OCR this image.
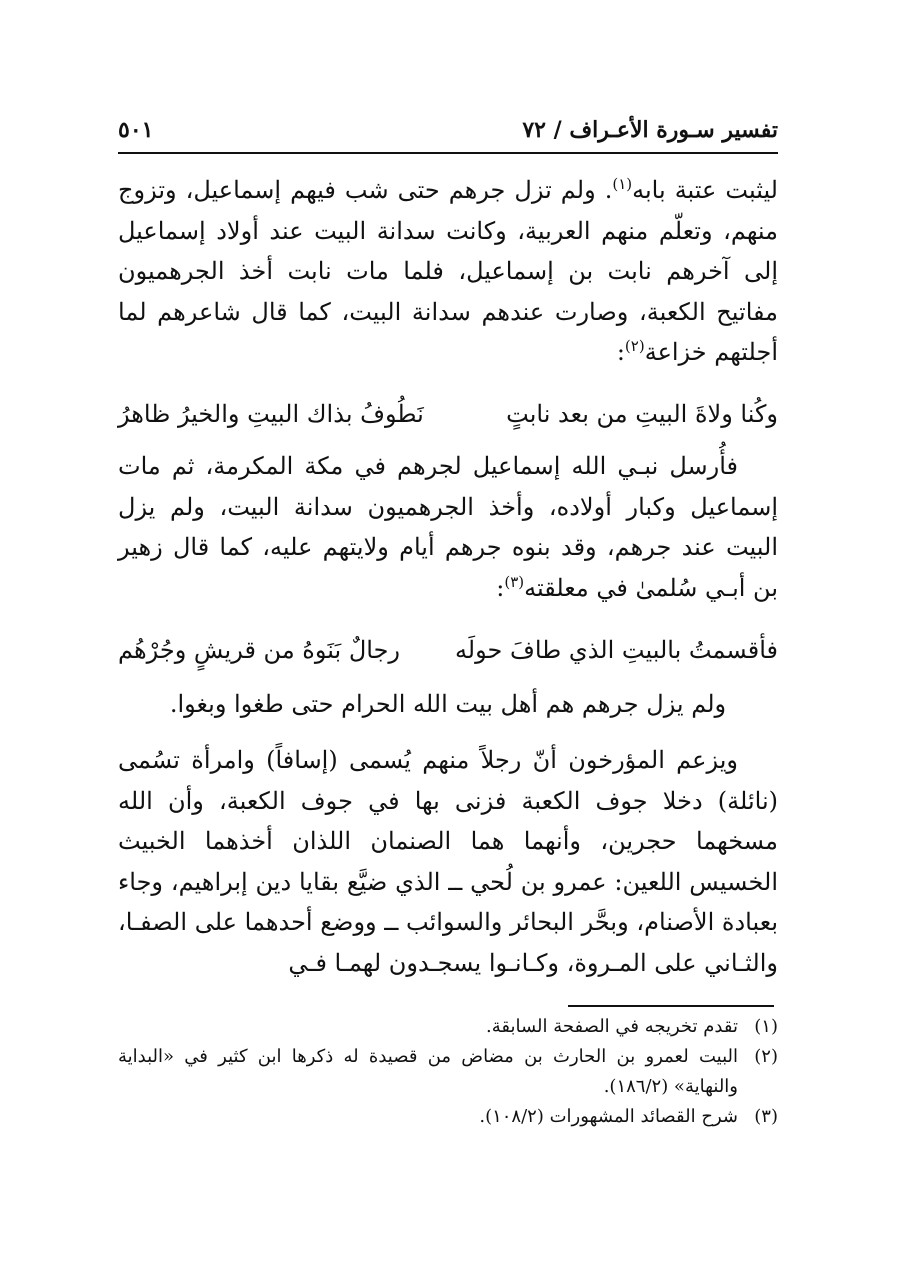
تفسير سـورة الأعـراف / ٧٢
٥٠١
ليثبت عتبة بابه$^{(١)}$. ولم تزل جرهم حتى شب فيهم إسماعيل، وتزوج منهم، وتعلّم منهم العربية، وكانت سدانة البيت عند أولاد إسماعيل إلى آخرهم نابت بن إسماعيل، فلما مات نابت أخذ الجرهميون مفاتيح الكعبة، وصارت عندهم سدانة البيت، كما قال شاعرهم لما أجلتهم خزاعة$^{(٢)}$:
وكُنا ولاةَ البيتِ من بعد نابتٍ
نَطُوفُ بذاك البيتِ والخيرُ ظاهرُ
فأُرسل نبـي الله إسماعيل لجرهم في مكة المكرمة، ثم مات إسماعيل وكبار أولاده، وأخذ الجرهميون سدانة البيت، ولم يزل البيت عند جرهم، وقد بنوه جرهم أيام ولايتهم عليه، كما قال زهير بن أبـي سُلمىٰ في معلقته$^{(٣)}$:
فأقسمتُ بالبيتِ الذي طافَ حولَه
رجالٌ بَنَوهُ من قريشٍ وجُرْهُم
ولم يزل جرهم هم أهل بيت الله الحرام حتى طغوا وبغوا.
ويزعم المؤرخون أنّ رجلاً منهم يُسمى (إسافاً) وامرأة تسُمى (نائلة) دخلا جوف الكعبة فزنى بها في جوف الكعبة، وأن الله مسخهما حجرين، وأنهما هما الصنمان اللذان أخذهما الخبيث الخسيس اللعين: عمرو بن لُحي ــ الذي ضيَّع بقايا دين إبراهيم، وجاء بعبادة الأصنام، وبحَّر البحائر والسوائب ــ ووضع أحدهما على الصفـا، والثـاني على المـروة، وكـانـوا يسجـدون لهمـا فـي
(١)
تقدم تخريجه في الصفحة السابقة.
(٢)
البيت لعمرو بن الحارث بن مضاض من قصيدة له ذكرها ابن كثير في «البداية والنهاية» (١٨٦/٢).
(٣)
شرح القصائد المشهورات (١٠٨/٢).
